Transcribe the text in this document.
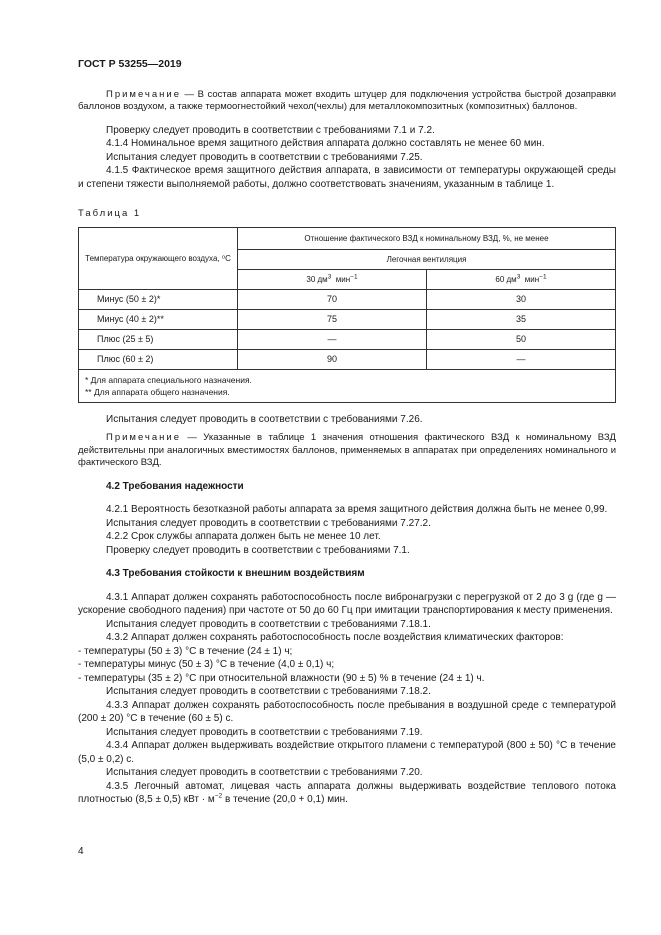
ГОСТ Р 53255—2019

Примечание — В состав аппарата может входить штуцер для подключения устройства быстрой дозаправки баллонов воздухом, а также термоогнестойкий чехол(чехлы) для металлокомпозитных (композитных) баллонов.

Проверку следует проводить в соответствии с требованиями 7.1 и 7.2.

4.1.4 Номинальное время защитного действия аппарата должно составлять не менее 60 мин.

Испытания следует проводить в соответствии с требованиями 7.25.

4.1.5 Фактическое время защитного действия аппарата, в зависимости от температуры окружающей среды и степени тяжести выполняемой работы, должно соответствовать значениям, указанным в таблице 1.

Таблица 1
Температура окружающего воздуха, ⁰С	Отношение фактического ВЗД к номинальному ВЗД, %, не менее	
	Легочная вентиляция	
	30 $дм^3$ мин$^{-1}$	60 $дм^3$ мин$^{-1}$
Минус (50 ± 2)*	70	30
Минус (40 ± 2)**	75	35
Плюс (25 ± 5)	—	50
Плюс (60 ± 2)	90	—

* Для аппарата специального назначения.
** Для аппарата общего назначения.		

Испытания следует проводить в соответствии с требованиями 7.26.

Примечание — Указанные в таблице 1 значения отношения фактического ВЗД к номинальному ВЗД действительны при аналогичных вместимостях баллонов, применяемых в аппаратах при определениях номинального и фактического ВЗД.

4.2 Требования надежности

4.2.1 Вероятность безотказной работы аппарата за время защитного действия должна быть не менее 0,99.

Испытания следует проводить в соответствии с требованиями 7.27.2.

4.2.2 Срок службы аппарата должен быть не менее 10 лет.

Проверку следует проводить в соответствии с требованиями 7.1.

4.3 Требования стойкости к внешним воздействиям

4.3.1 Аппарат должен сохранять работоспособность после вибронагрузки с перегрузкой от 2 до 3 g (где g — ускорение свободного падения) при частоте от 50 до 60 Гц при имитации транспортирования к месту применения.

Испытания следует проводить в соответствии с требованиями 7.18.1.

4.3.2 Аппарат должен сохранять работоспособность после воздействия климатических факторов:

- температуры (50 ± 3) °С в течение (24 ± 1) ч;

- температуры минус (50 ± 3) °С в течение (4,0 ± 0,1) ч;

- температуры (35 ± 2) °С при относительной влажности (90 ± 5) % в течение (24 ± 1) ч.

Испытания следует проводить в соответствии с требованиями 7.18.2.

4.3.3 Аппарат должен сохранять работоспособность после пребывания в воздушной среде с температурой (200 ± 20) °С в течение (60 ± 5) с.

Испытания следует проводить в соответствии с требованиями 7.19.

4.3.4 Аппарат должен выдерживать воздействие открытого пламени с температурой (800 ± 50) °С в течение (5,0 ± 0,2) с.

Испытания следует проводить в соответствии с требованиями 7.20.

4.3.5 Легочный автомат, лицевая часть аппарата должны выдерживать воздействие теплового потока плотностью (8,5 ± 0,5) кВт · $м^{-2}$ в течение (20,0 + 0,1) мин.

4
